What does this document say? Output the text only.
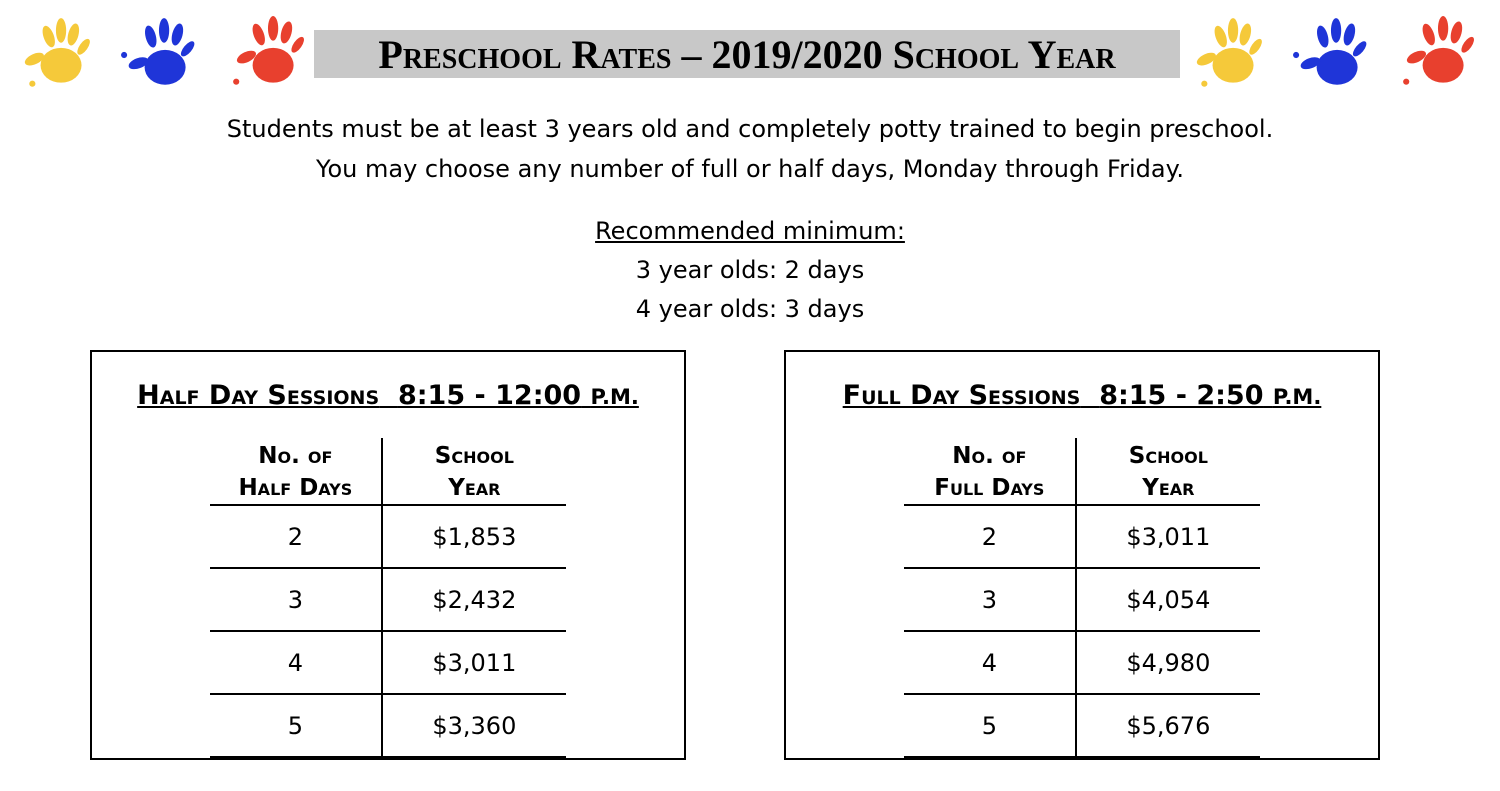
Preschool Rates – 2019/2020 School Year
Students must be at least 3 years old and completely potty trained to begin preschool.
You may choose any number of full or half days, Monday through Friday.
Recommended minimum:
3 year olds: 2 days
4 year olds: 3 days
Half Day Sessions 8:15 - 12:00 P.M.
No. of
Half Days	School
Year
2	$1,853
3	$2,432
4	$3,011
5	$3,360
Full Day Sessions 8:15 - 2:50 P.M.
No. of
Full Days	School
Year
2	$3,011
3	$4,054
4	$4,980
5	$5,676
